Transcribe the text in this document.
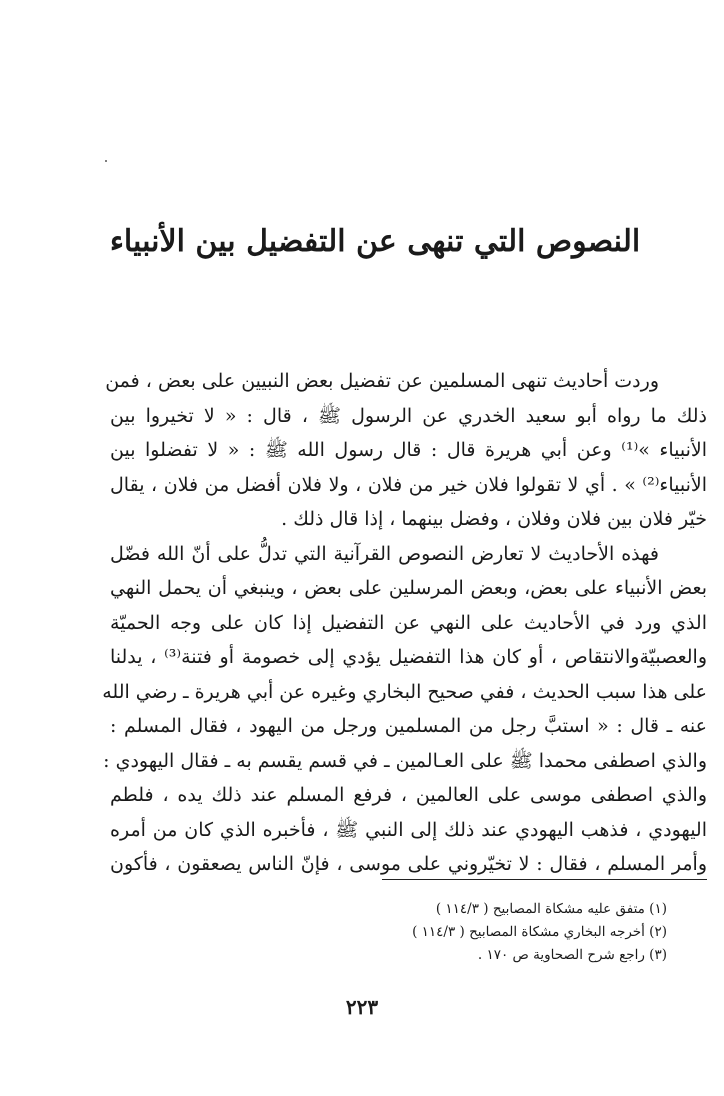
النصوص التي تنهى عن التفضيل بين الأنبياء
وردت أحاديث تنهى المسلمين عن تفضيل بعض النبيين على بعض ، فمن
ذلك ما رواه أبو سعيد الخدري عن الرسول ﷺ ، قال : « لا تخيروا بين
الأنبياء »⁽¹⁾ وعن أبي هريرة قال : قال رسول الله ﷺ : « لا تفضلوا بين
الأنبياء⁽²⁾ » . أي لا تقولوا فلان خير من فلان ، ولا فلان أفضل من فلان ، يقال
خيّر فلان بين فلان وفلان ، وفضل بينهما ، إذا قال ذلك .
فهذه الأحاديث لا تعارض النصوص القرآنية التي تدلُّ على أنّ الله فضّل
بعض الأنبياء على بعض، وبعض المرسلين على بعض ، وينبغي أن يحمل النهي
الذي ورد في الأحاديث على النهي عن التفضيل إذا كان على وجه الحميّة
والعصبيّةوالانتقاص ، أو كان هذا التفضيل يؤدي إلى خصومة أو فتنة⁽³⁾ ، يدلنا
على هذا سبب الحديث ، ففي صحيح البخاري وغيره عن أبي هريرة ـ رضي الله
عنه ـ قال : « استبَّ رجل من المسلمين ورجل من اليهود ، فقال المسلم :
والذي اصطفى محمدا ﷺ على العـالمين ـ في قسم يقسم به ـ فقال اليهودي :
والذي اصطفى موسى على العالمين ، فرفع المسلم عند ذلك يده ، فلطم
اليهودي ، فذهب اليهودي عند ذلك إلى النبي ﷺ ، فأخبره الذي كان من أمره
وأمر المسلم ، فقال : لا تخيّروني على موسى ، فإنّ الناس يصعقون ، فأكون
(١) متفق عليه مشكاة المصابيح ( ١١٤/٣ )
(٢) أخرجه البخاري مشكاة المصابيح ( ١١٤/٣ )
(٣) راجع شرح الصحاوية ص ١٧٠ .
٢٢٣
